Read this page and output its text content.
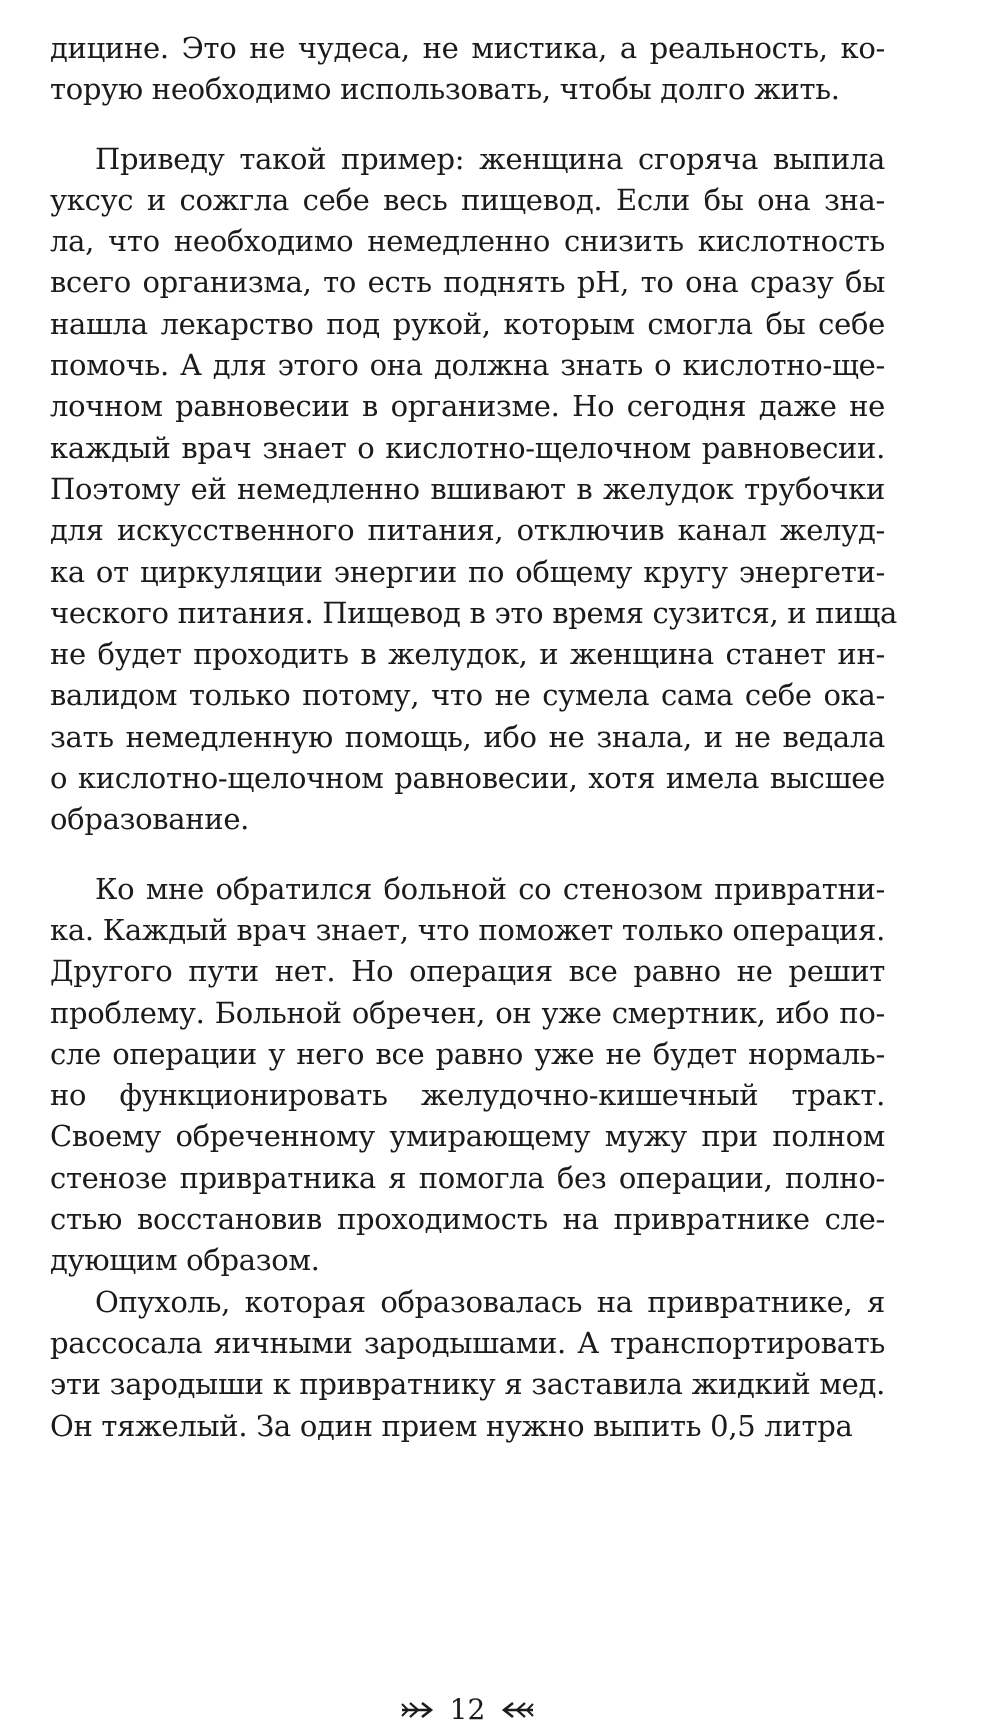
дицине. Это не чудеса, не мистика, а реальность, ко-
торую необходимо использовать, чтобы долго жить.

Приведу такой пример: женщина сгоряча выпила
уксус и сожгла себе весь пищевод. Если бы она зна-
ла, что необходимо немедленно снизить кислотность
всего организма, то есть поднять pH, то она сразу бы
нашла лекарство под рукой, которым смогла бы себе
помочь. А для этого она должна знать о кислотно-ще-
лочном равновесии в организме. Но сегодня даже не
каждый врач знает о кислотно-щелочном равновесии.
Поэтому ей немедленно вшивают в желудок трубочки
для искусственного питания, отключив канал желуд-
ка от циркуляции энергии по общему кругу энергети-
ческого питания. Пищевод в это время сузится, и пища
не будет проходить в желудок, и женщина станет ин-
валидом только потому, что не сумела сама себе ока-
зать немедленную помощь, ибо не знала, и не ведала
о кислотно-щелочном равновесии, хотя имела высшее
образование.

Ко мне обратился больной со стенозом привратни-
ка. Каждый врач знает, что поможет только операция.
Другого пути нет. Но операция все равно не решит
проблему. Больной обречен, он уже смертник, ибо по-
сле операции у него все равно уже не будет нормаль-
но функционировать желудочно-кишечный тракт.
Своему обреченному умирающему мужу при полном
стенозе привратника я помогла без операции, полно-
стью восстановив проходимость на привратнике сле-
дующим образом.

Опухоль, которая образовалась на привратнике, я
рассосала яичными зародышами. А транспортировать
эти зародыши к привратнику я заставила жидкий мед.
Он тяжелый. За один прием нужно выпить 0,5 литра

12
